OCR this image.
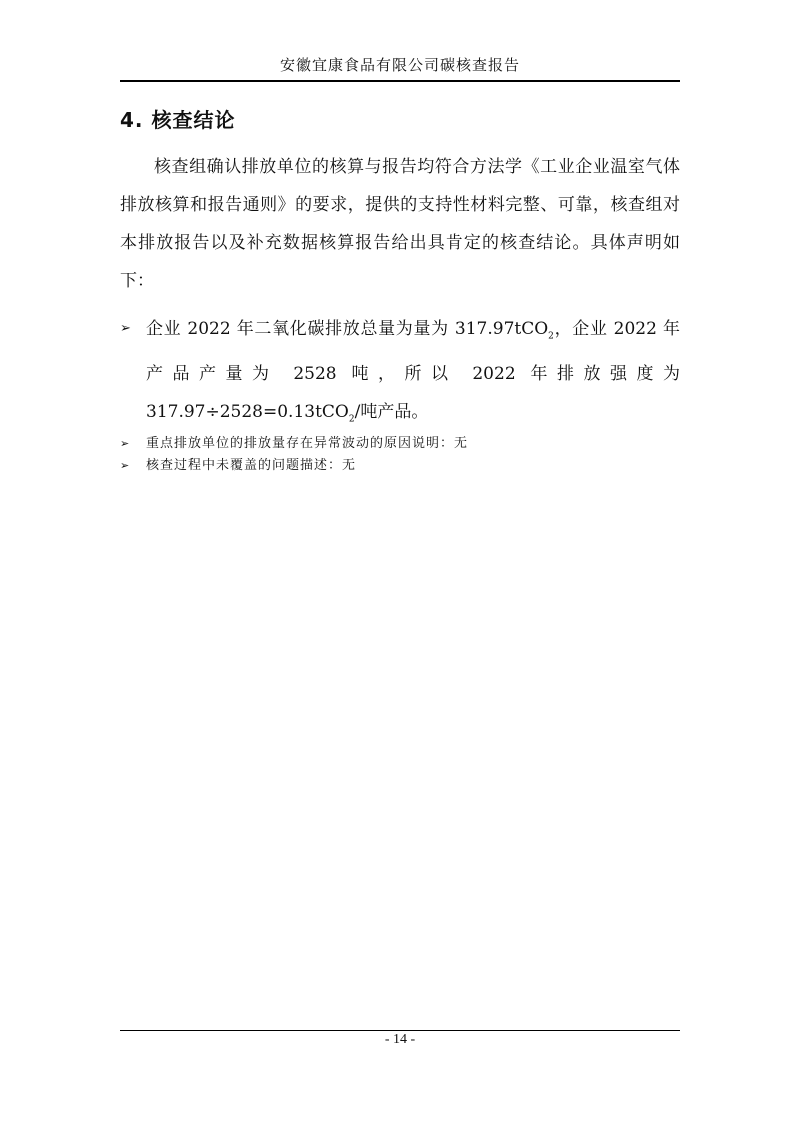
安徽宜康食品有限公司碳核查报告
4. 核查结论
核查组确认排放单位的核算与报告均符合方法学《工业企业温室气体排放核算和报告通则》的要求，提供的支持性材料完整、可靠，核查组对本排放报告以及补充数据核算报告给出具肯定的核查结论。具体声明如下：
➢ 企业 2022 年二氧化碳排放总量为量为 317.97tCO$_2$，企业 2022 年产品产量为 2528 吨，所以 2022 年排放强度为 317.97÷2528=0.13tCO$_2$/吨产品。
➢ 重点排放单位的排放量存在异常波动的原因说明：无
➢ 核查过程中未覆盖的问题描述：无
- 14 -
